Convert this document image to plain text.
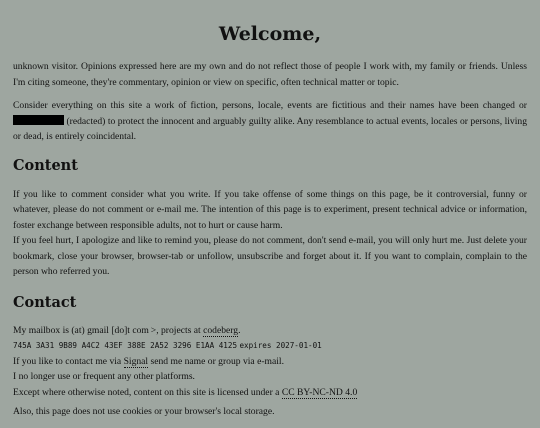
Welcome,

unknown visitor. Opinions expressed here are my own and do not reflect those of people I work with, my family or friends. Unless I'm citing someone, they're commentary, opinion or view on specific, often technical matter or topic.

Consider everything on this site a work of fiction, persons, locale, events are fictitious and their names have been changed or  (redacted) to protect the innocent and arguably guilty alike. Any resemblance to actual events, locales or persons, living or dead, is entirely coincidental.

Content

If you like to comment consider what you write. If you take offense of some things on this page, be it controversial, funny or whatever, please do not comment or e-mail me. The intention of this page is to experiment, present technical advice or information, foster exchange between responsible adults, not to hurt or cause harm.

If you feel hurt, I apologize and like to remind you, please do not comment, don't send e-mail, you will only hurt me. Just delete your bookmark, close your browser, browser-tab or unfollow, unsubscribe and forget about it. If you want to complain, complain to the person who referred you.

Contact
My mailbox is (at) gmail [do]t com >, projects at codeberg.
745A 3A31 9B89 A4C2 43EF 388E 2A52 3296 E1AA 4125 expires 2027-01-01
If you like to contact me via Signal send me name or group via e-mail.
I no longer use or frequent any other platforms.
Except where otherwise noted, content on this site is licensed under a CC BY-NC-ND 4.0
Also, this page does not use cookies or your browser's local storage.
